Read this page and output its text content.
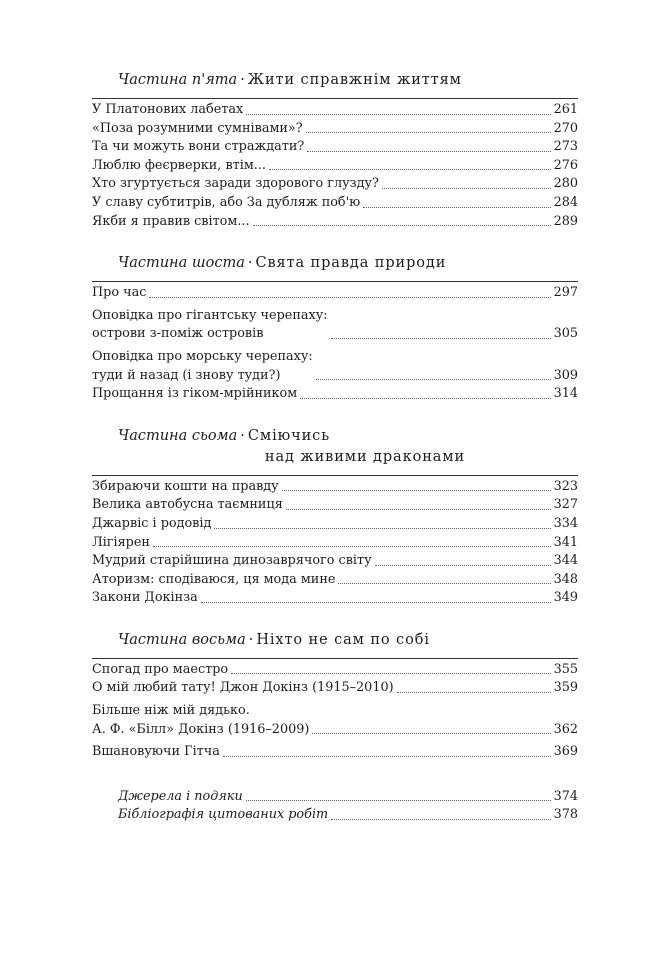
Частина п'ята · Жити справжнім життям
У Платонових лабетах	261
«Поза розумними сумнівами»?	270
Та чи можуть вони страждати?	273
Люблю феєрверки, втім...	276
Хто згуртується заради здорового глузду?	280
У славу субтитрів, або За дубляж поб'ю	284
Якби я правив світом...	289
Частина шоста · Свята правда природи
Про час	297
Оповідка про гігантську черепаху:
острови з-поміж островів	305
Оповідка про морську черепаху:
туди й назад (і знову туди?)	309
Прощання із гіком-мрійником	314
Частина сьома · Сміючись
над живими драконами
Збираючи кошти на правду	323
Велика автобусна таємниця	327
Джарвіс і родовід	334
Лігіярен	341
Мудрий старійшина динозаврячого світу	344
Аторизм: сподіваюся, ця мода мине	348
Закони Докінза	349
Частина восьма · Ніхто не сам по собі
Спогад про маестро	355
О мій любий тату! Джон Докінз (1915–2010)	359
Більше ніж мій дядько.
А. Ф. «Білл» Докінз (1916–2009)	362
Вшановуючи Гітча	369
Джерела і подяки	374
Бібліографія цитованих робіт	378
